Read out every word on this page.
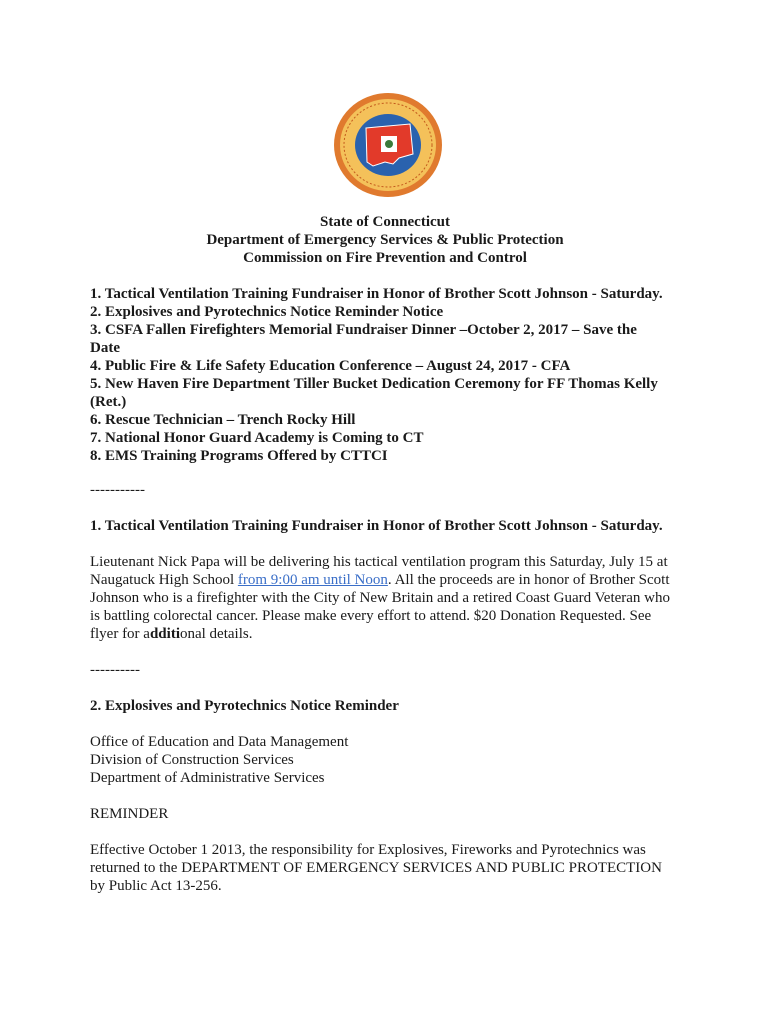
State of Connecticut
Department of Emergency Services & Public Protection
Commission on Fire Prevention and Control
1. Tactical Ventilation Training Fundraiser in Honor of Brother Scott Johnson - Saturday.
2. Explosives and Pyrotechnics Notice Reminder Notice
3. CSFA Fallen Firefighters Memorial Fundraiser Dinner –October 2, 2017 – Save the Date
4. Public Fire & Life Safety Education Conference – August 24, 2017 - CFA
5. New Haven Fire Department Tiller Bucket Dedication Ceremony for FF Thomas Kelly (Ret.)
6. Rescue Technician – Trench Rocky Hill
7. National Honor Guard Academy is Coming to CT
8. EMS Training Programs Offered by CTTCI
-----------
1. Tactical Ventilation Training Fundraiser in Honor of Brother Scott Johnson - Saturday.

Lieutenant Nick Papa will be delivering his tactical ventilation program this Saturday, July 15 at Naugatuck High School from 9:00 am until Noon. All the proceeds are in honor of Brother Scott Johnson who is a firefighter with the City of New Britain and a retired Coast Guard Veteran who is battling colorectal cancer. Please make every effort to attend. $20 Donation Requested. See flyer for additional details.

----------
2. Explosives and Pyrotechnics Notice Reminder
Office of Education and Data Management
Division of Construction Services
Department of Administrative Services

REMINDER

Effective October 1 2013, the responsibility for Explosives, Fireworks and Pyrotechnics was returned to the DEPARTMENT OF EMERGENCY SERVICES AND PUBLIC PROTECTION by Public Act 13-256.
